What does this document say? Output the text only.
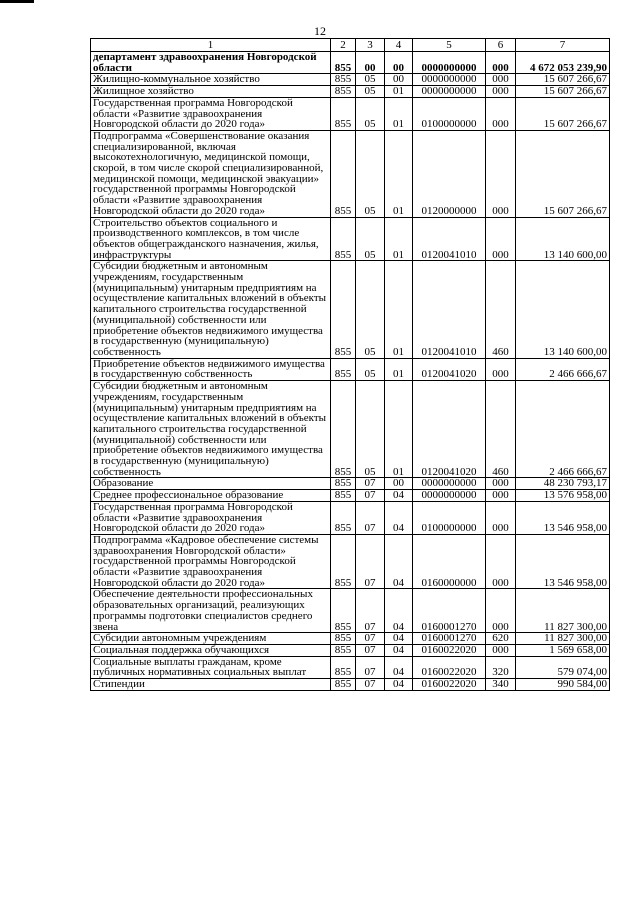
12
1	2	3	4	5	6	7
департамент здравоохранения Новгородской области	855	00	00	0000000000	000	4 672 053 239,90
Жилищно-коммунальное хозяйство	855	05	00	0000000000	000	15 607 266,67
Жилищное хозяйство	855	05	01	0000000000	000	15 607 266,67
Государственная программа Новгородской области «Развитие здравоохранения Новгородской области до 2020 года»	855	05	01	0100000000	000	15 607 266,67
Подпрограмма «Совершенствование оказания специализированной, включая высокотехнологичную, медицинской помощи, скорой, в том числе скорой специализированной, медицинской помощи, медицинской эвакуации» государственной программы Новгородской области «Развитие здравоохранения Новгородской области до 2020 года»	855	05	01	0120000000	000	15 607 266,67
Строительство объектов социального и производственного комплексов, в том числе объектов общегражданского назначения, жилья, инфраструктуры	855	05	01	0120041010	000	13 140 600,00
Субсидии бюджетным и автономным учреждениям, государственным (муниципальным) унитарным предприятиям на осуществление капитальных вложений в объекты капитального строительства государственной (муниципальной) собственности или приобретение объектов недвижимого имущества в государственную (муниципальную) собственность	855	05	01	0120041010	460	13 140 600,00
Приобретение объектов недвижимого имущества в государственную собственность	855	05	01	0120041020	000	2 466 666,67
Субсидии бюджетным и автономным учреждениям, государственным (муниципальным) унитарным предприятиям на осуществление капитальных вложений в объекты капитального строительства государственной (муниципальной) собственности или приобретение объектов недвижимого имущества в государственную (муниципальную) собственность	855	05	01	0120041020	460	2 466 666,67
Образование	855	07	00	0000000000	000	48 230 793,17
Среднее профессиональное образование	855	07	04	0000000000	000	13 576 958,00
Государственная программа Новгородской области «Развитие здравоохранения Новгородской области до 2020 года»	855	07	04	0100000000	000	13 546 958,00
Подпрограмма «Кадровое обеспечение системы здравоохранения Новгородской области» государственной программы Новгородской области «Развитие здравоохранения Новгородской области до 2020 года»	855	07	04	0160000000	000	13 546 958,00
Обеспечение деятельности профессиональных образовательных организаций, реализующих программы подготовки специалистов среднего звена	855	07	04	0160001270	000	11 827 300,00
Субсидии автономным учреждениям	855	07	04	0160001270	620	11 827 300,00
Социальная поддержка обучающихся	855	07	04	0160022020	000	1 569 658,00
Социальные выплаты гражданам, кроме публичных нормативных социальных выплат	855	07	04	0160022020	320	579 074,00
Стипендии	855	07	04	0160022020	340	990 584,00
